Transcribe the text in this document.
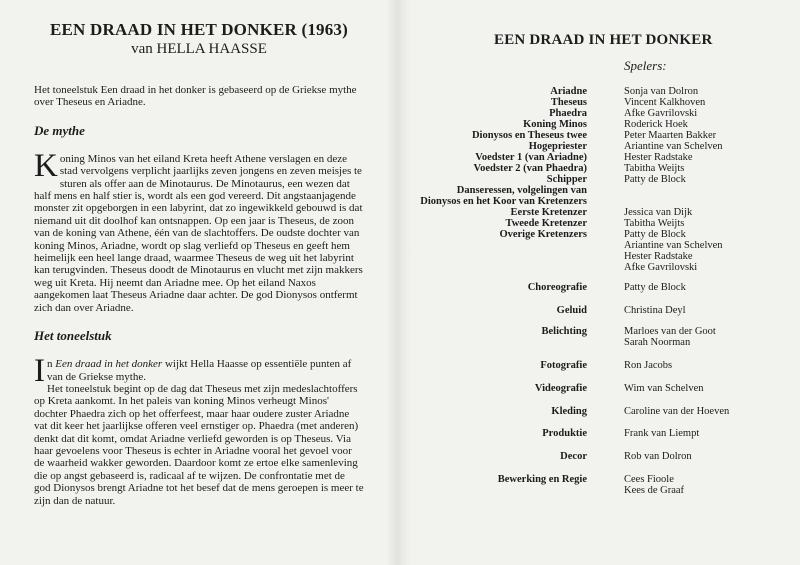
EEN DRAAD IN HET DONKER (1963)
van HELLA HAASSE

Het toneelstuk Een draad in het donker is gebaseerd op de Griekse mythe over Theseus en Ariadne.

De mythe

Koning Minos van het eiland Kreta heeft Athene verslagen en deze stad vervolgens verplicht jaarlijks zeven jongens en zeven meisjes te sturen als offer aan de Minotaurus. De Minotaurus, een wezen dat half mens en half stier is, wordt als een god vereerd. Dit angstaanjagende monster zit opgeborgen in een labyrint, dat zo ingewikkeld gebouwd is dat niemand uit dit doolhof kan ontsnappen. Op een jaar is Theseus, de zoon van de koning van Athene, één van de slachtoffers. De oudste dochter van koning Minos, Ariadne, wordt op slag verliefd op Theseus en geeft hem heimelijk een heel lange draad, waarmee Theseus de weg uit het labyrint kan terugvinden. Theseus doodt de Minotaurus en vlucht met zijn makkers weg uit Kreta. Hij neemt dan Ariadne mee. Op het eiland Naxos aangekomen laat Theseus Ariadne daar achter. De god Dionysos ontfermt zich dan over Ariadne.

Het toneelstuk

In Een draad in het donker wijkt Hella Haasse op essentiële punten af van de Griekse mythe.

Het toneelstuk begint op de dag dat Theseus met zijn medeslachtoffers op Kreta aankomt. In het paleis van koning Minos verheugt Minos' dochter Phaedra zich op het offerfeest, maar haar oudere zuster Ariadne vat dit keer het jaarlijkse offeren veel ernstiger op. Phaedra (met anderen) denkt dat dit komt, omdat Ariadne verliefd geworden is op Theseus. Via haar gevoelens voor Theseus is echter in Ariadne vooral het gevoel voor de waarheid wakker geworden. Daardoor komt ze ertoe elke samenleving die op angst gebaseerd is, radicaal af te wijzen. De confrontatie met de god Dionysos brengt Ariadne tot het besef dat de mens geroepen is meer te zijn dan de natuur.

EEN DRAAD IN HET DONKER
Spelers:
Ariadne	Sonja van Dolron
Theseus	Vincent Kalkhoven
Phaedra	Afke Gavrilovski
Koning Minos	Roderick Hoek
Dionysos en Theseus twee	Peter Maarten Bakker
Hogepriester	Ariantine van Schelven
Voedster 1 (van Ariadne)	Hester Radstake
Voedster 2 (van Phaedra)	Tabitha Weijts
Schipper	Patty de Block
Danseressen, volgelingen van
Dionysos en het Koor van Kretenzers
Eerste Kretenzer	Jessica van Dijk
Tweede Kretenzer	Tabitha Weijts
Overige Kretenzers	Patty de Block
Ariantine van Schelven
Hester Radstake
Afke Gavrilovski
Choreografie	Patty de Block
Geluid	Christina Deyl
Belichting	Marloes van der Goot
Sarah Noorman
Fotografie	Ron Jacobs
Videografie	Wim van Schelven
Kleding	Caroline van der Hoeven
Produktie	Frank van Liempt
Decor	Rob van Dolron
Bewerking en Regie	Cees Fioole
Kees de Graaf
